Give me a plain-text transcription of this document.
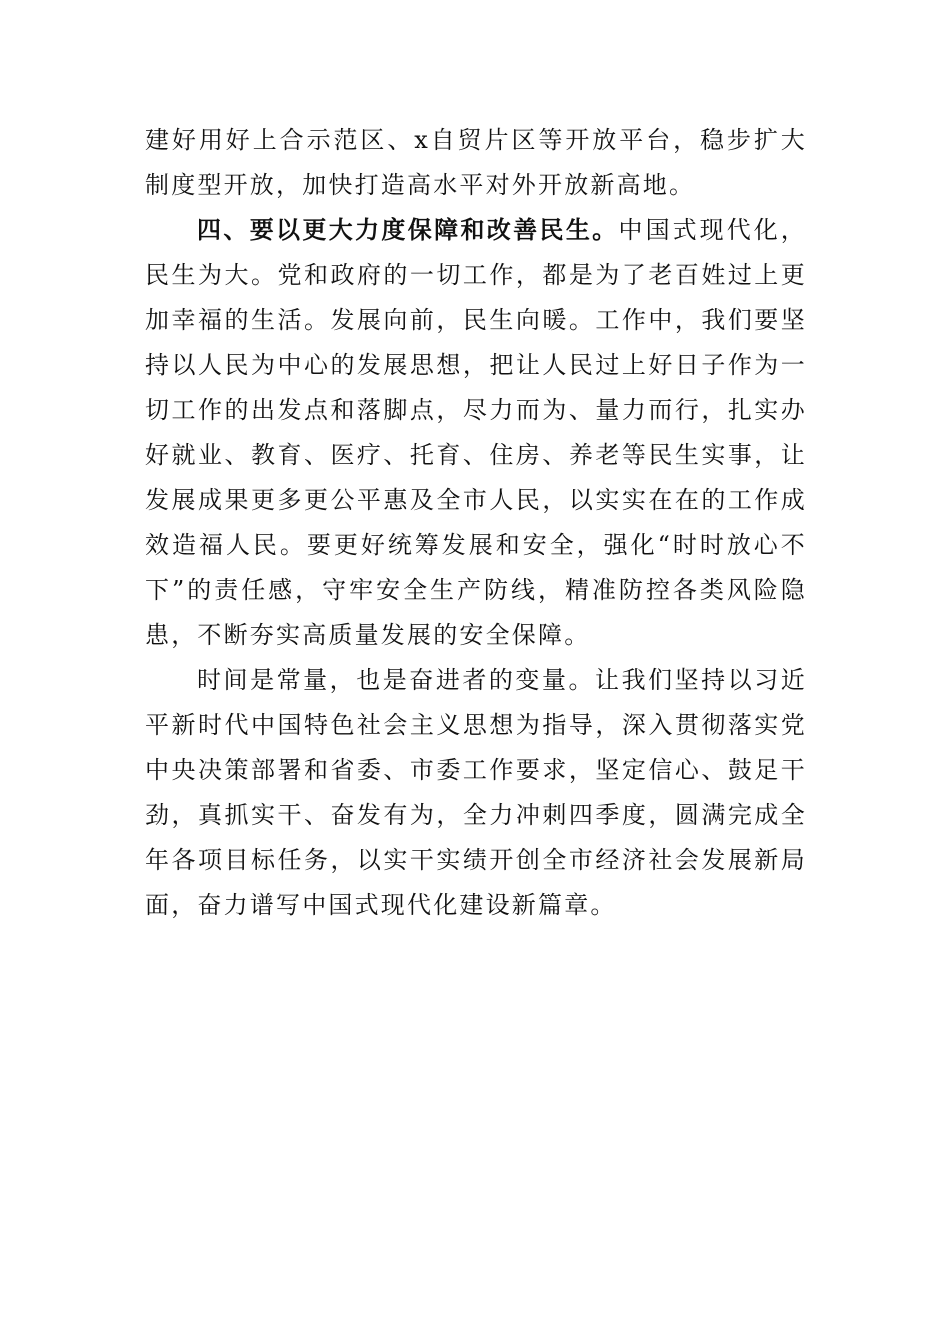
建好用好上合示范区、x自贸片区等开放平台，稳步扩大制度型开放，加快打造高水平对外开放新高地。

四、要以更大力度保障和改善民生。中国式现代化，民生为大。党和政府的一切工作，都是为了老百姓过上更加幸福的生活。发展向前，民生向暖。工作中，我们要坚持以人民为中心的发展思想，把让人民过上好日子作为一切工作的出发点和落脚点，尽力而为、量力而行，扎实办好就业、教育、医疗、托育、住房、养老等民生实事，让发展成果更多更公平惠及全市人民，以实实在在的工作成效造福人民。要更好统筹发展和安全，强化“时时放心不下”的责任感，守牢安全生产防线，精准防控各类风险隐患，不断夯实高质量发展的安全保障。

时间是常量，也是奋进者的变量。让我们坚持以习近平新时代中国特色社会主义思想为指导，深入贯彻落实党中央决策部署和省委、市委工作要求，坚定信心、鼓足干劲，真抓实干、奋发有为，全力冲刺四季度，圆满完成全年各项目标任务，以实干实绩开创全市经济社会发展新局面，奋力谱写中国式现代化建设新篇章。
